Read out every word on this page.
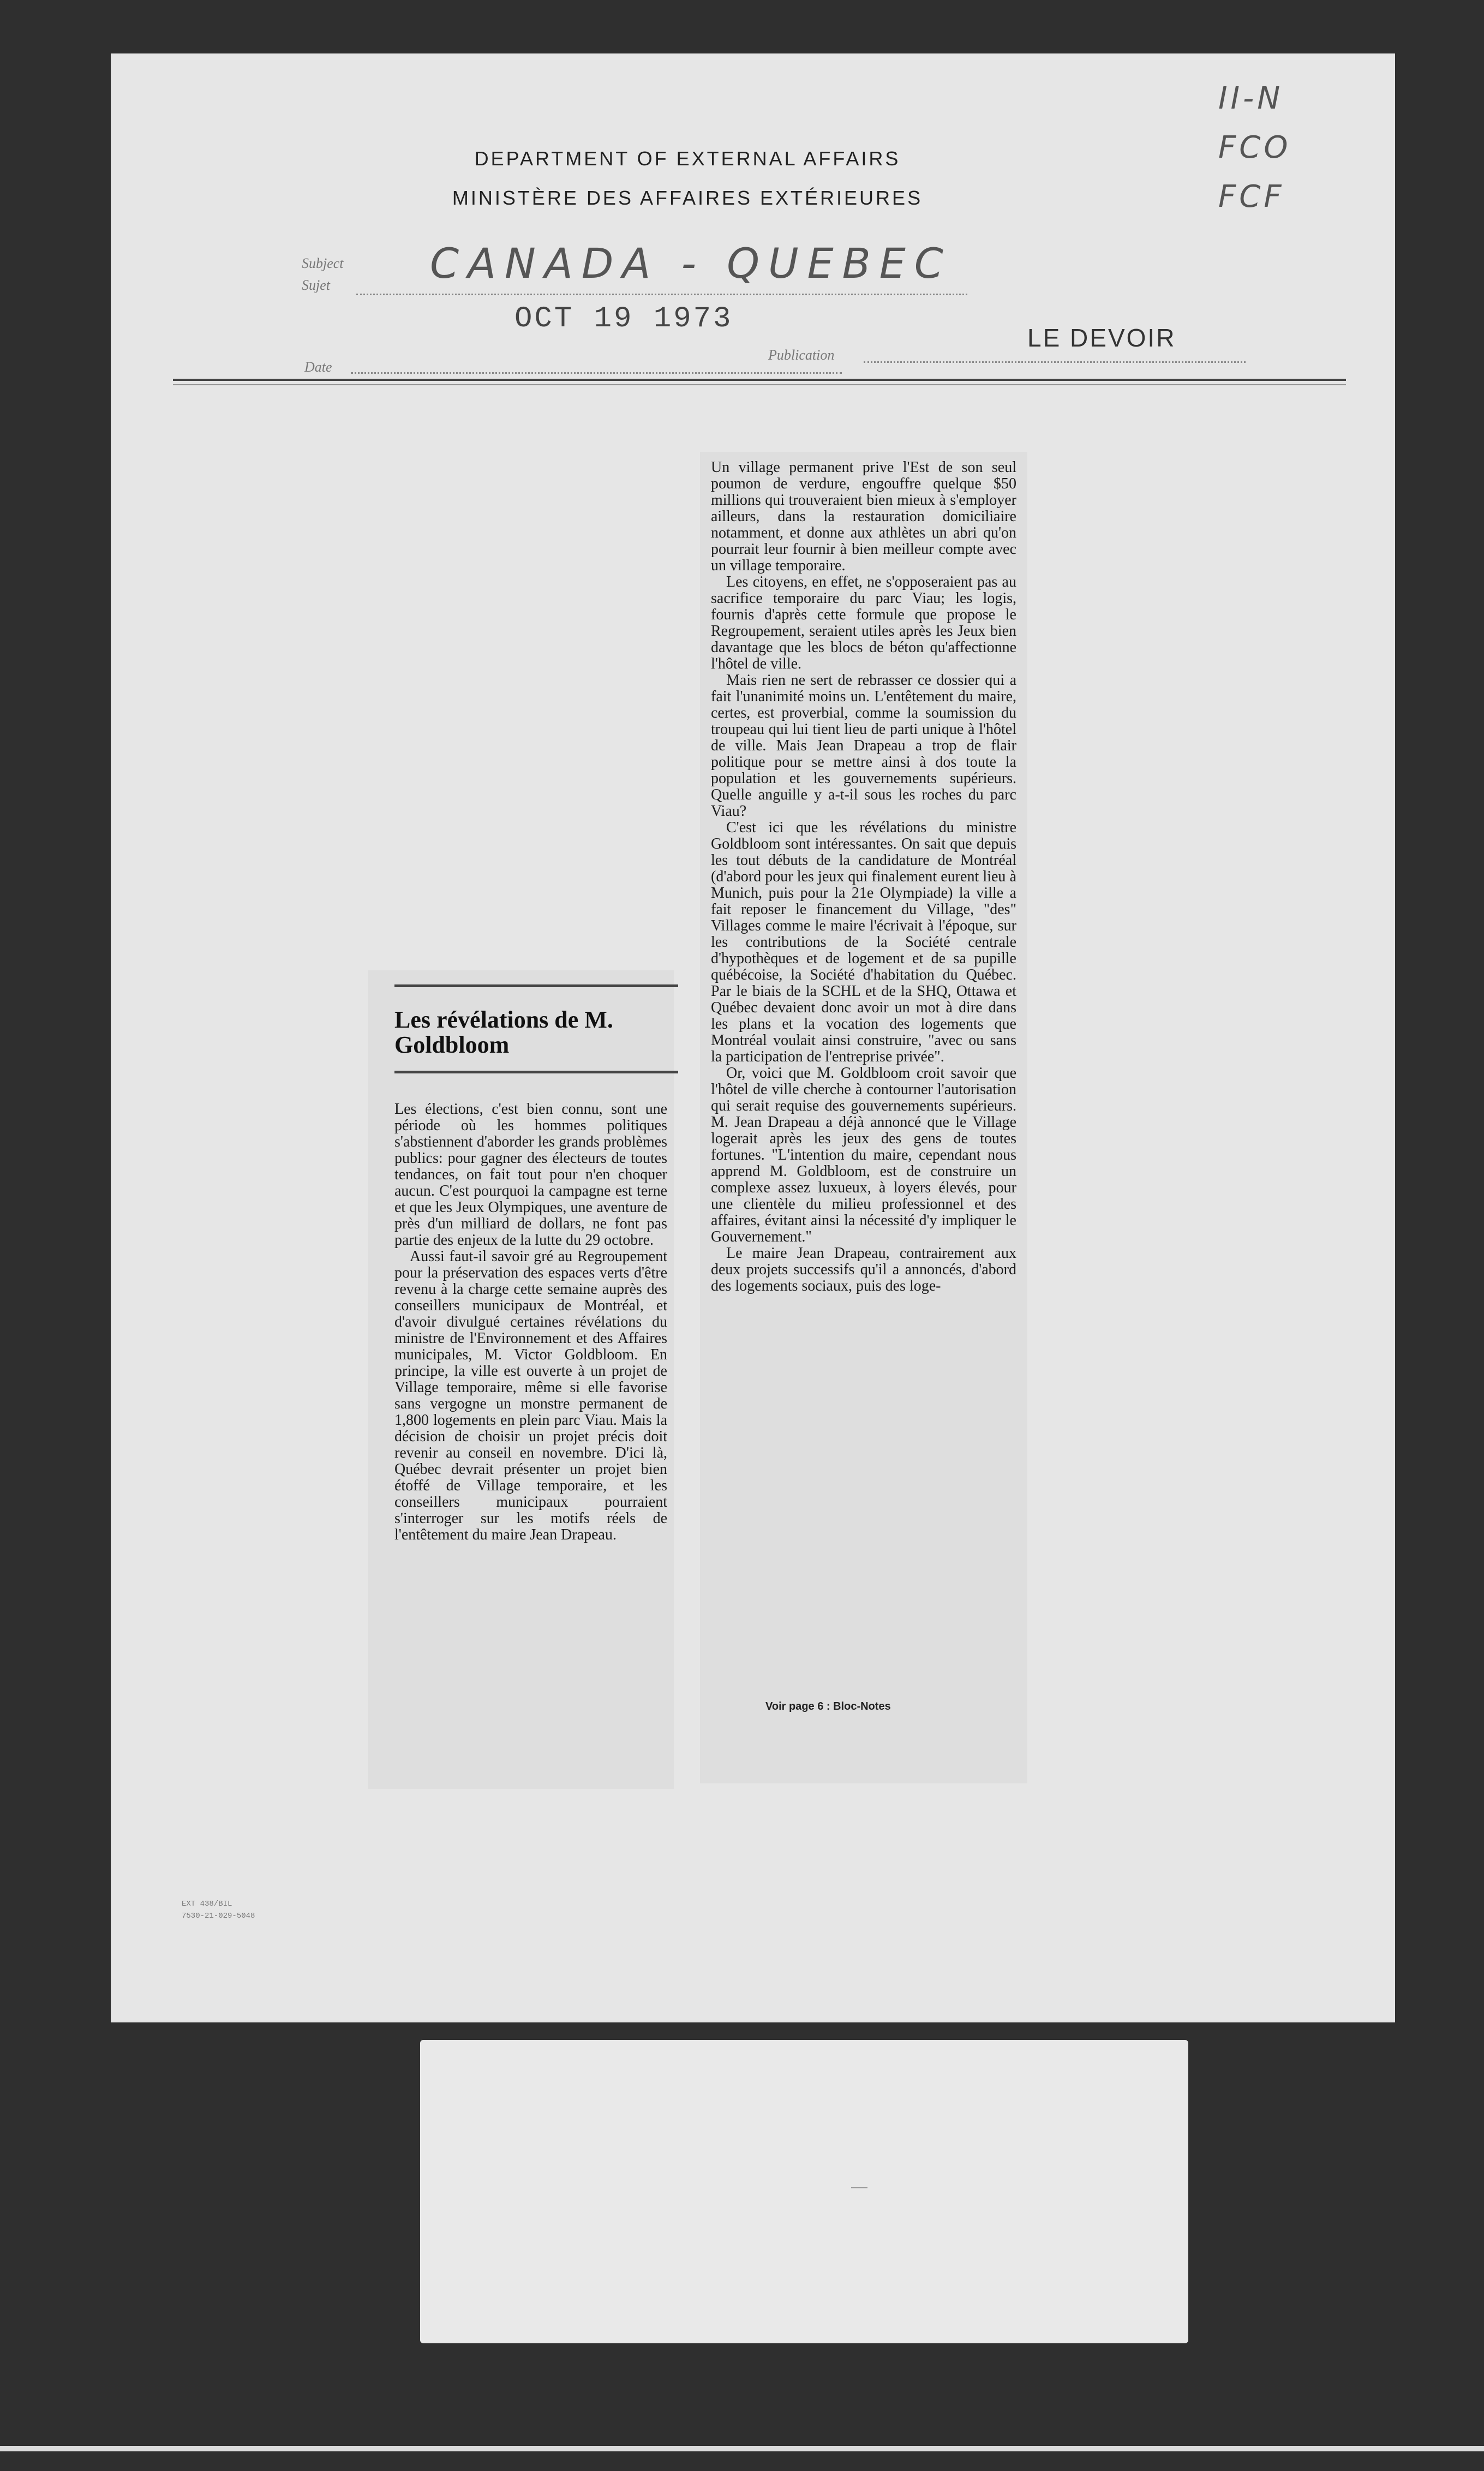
DEPARTMENT OF EXTERNAL AFFAIRS
MINISTÈRE DES AFFAIRES EXTÉRIEURES
II-N
FCO
FCF
Subject
Sujet CANADA - QUEBEC
OCT 19 1973
Date
Publication
LE DEVOIR
Les révélations de M. Goldbloom

Les élections, c'est bien connu, sont une période où les hommes politiques s'abstiennent d'aborder les grands problèmes publics: pour gagner des électeurs de toutes tendances, on fait tout pour n'en choquer aucun. C'est pourquoi la campagne est terne et que les Jeux Olympiques, une aventure de près d'un milliard de dollars, ne font pas partie des enjeux de la lutte du 29 octobre.

Aussi faut-il savoir gré au Regroupement pour la préservation des espaces verts d'être revenu à la charge cette semaine auprès des conseillers municipaux de Montréal, et d'avoir divulgué certaines révélations du ministre de l'Environnement et des Affaires municipales, M. Victor Goldbloom. En principe, la ville est ouverte à un projet de Village temporaire, même si elle favorise sans vergogne un monstre permanent de 1,800 logements en plein parc Viau. Mais la décision de choisir un projet précis doit revenir au conseil en novembre. D'ici là, Québec devrait présenter un projet bien étoffé de Village temporaire, et les conseillers municipaux pourraient s'interroger sur les motifs réels de l'entêtement du maire Jean Drapeau.

Un village permanent prive l'Est de son seul poumon de verdure, engouffre quelque $50 millions qui trouveraient bien mieux à s'employer ailleurs, dans la restauration domiciliaire notamment, et donne aux athlètes un abri qu'on pourrait leur fournir à bien meilleur compte avec un village temporaire.

Les citoyens, en effet, ne s'opposeraient pas au sacrifice temporaire du parc Viau; les logis, fournis d'après cette formule que propose le Regroupement, seraient utiles après les Jeux bien davantage que les blocs de béton qu'affectionne l'hôtel de ville.

Mais rien ne sert de rebrasser ce dossier qui a fait l'unanimité moins un. L'entêtement du maire, certes, est proverbial, comme la soumission du troupeau qui lui tient lieu de parti unique à l'hôtel de ville. Mais Jean Drapeau a trop de flair politique pour se mettre ainsi à dos toute la population et les gouvernements supérieurs. Quelle anguille y a-t-il sous les roches du parc Viau?

C'est ici que les révélations du ministre Goldbloom sont intéressantes. On sait que depuis les tout débuts de la candidature de Montréal (d'abord pour les jeux qui finalement eurent lieu à Munich, puis pour la 21e Olympiade) la ville a fait reposer le financement du Village, "des" Villages comme le maire l'écrivait à l'époque, sur les contributions de la Société centrale d'hypothèques et de logement et de sa pupille québécoise, la Société d'habitation du Québec. Par le biais de la SCHL et de la SHQ, Ottawa et Québec devaient donc avoir un mot à dire dans les plans et la vocation des logements que Montréal voulait ainsi construire, "avec ou sans la participation de l'entreprise privée".

Or, voici que M. Goldbloom croit savoir que l'hôtel de ville cherche à contourner l'autorisation qui serait requise des gouvernements supérieurs. M. Jean Drapeau a déjà annoncé que le Village logerait après les jeux des gens de toutes fortunes. "L'intention du maire, cependant nous apprend M. Goldbloom, est de construire un complexe assez luxueux, à loyers élevés, pour une clientèle du milieu professionnel et des affaires, évitant ainsi la nécessité d'y impliquer le Gouvernement."

Le maire Jean Drapeau, contrairement aux deux projets successifs qu'il a annoncés, d'abord des logements sociaux, puis des loge-

Voir page 6 : Bloc-Notes
EXT 438/BIL
7530-21-029-5048
